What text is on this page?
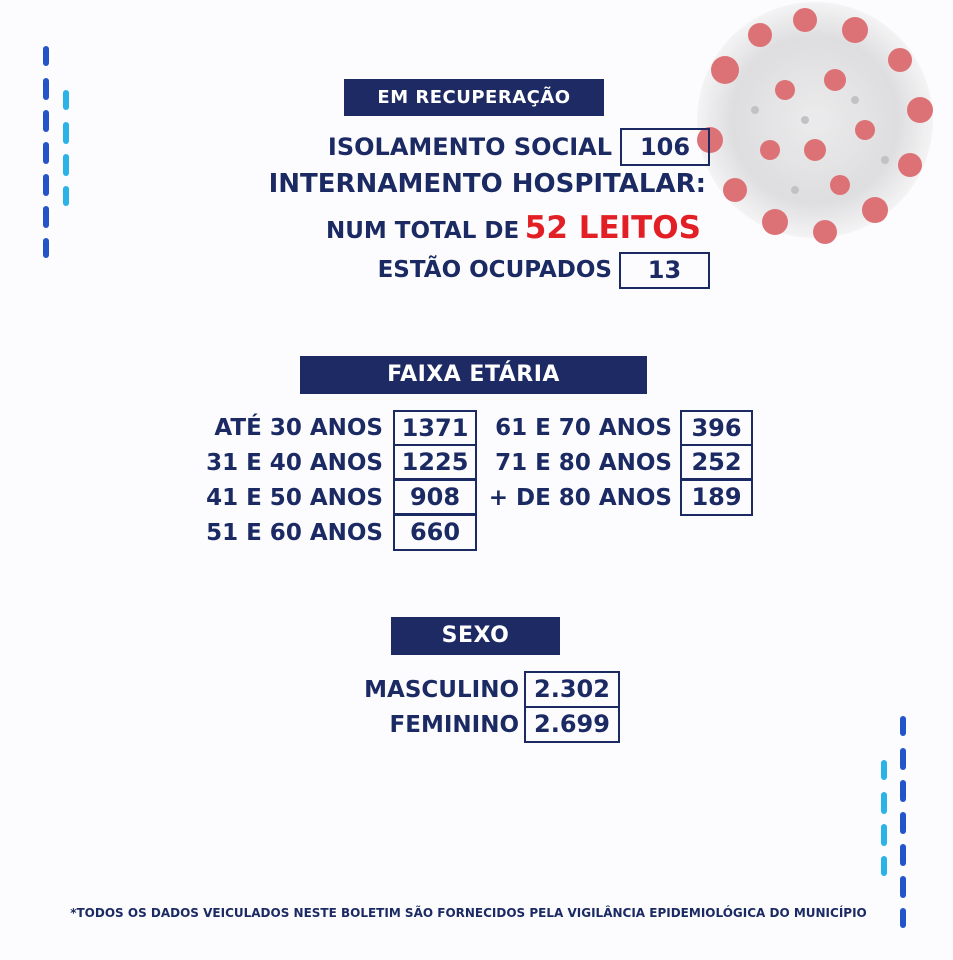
EM RECUPERAÇÃO
ISOLAMENTO SOCIAL	106
INTERNAMENTO HOSPITALAR:
NUM TOTAL DE 52 LEITOS
ESTÃO OCUPADOS	13
FAIXA ETÁRIA
ATÉ 30 ANOS
31 E 40 ANOS
41 E 50 ANOS
51 E 60 ANOS
1371
1225
908
660
61 E 70 ANOS
71 E 80 ANOS
+ DE 80 ANOS
396
252
189
SEXO
MASCULINO
FEMININO
2.302
2.699
*TODOS OS DADOS VEICULADOS NESTE BOLETIM SÃO FORNECIDOS PELA VIGILÂNCIA EPIDEMIOLÓGICA DO MUNICÍPIO
